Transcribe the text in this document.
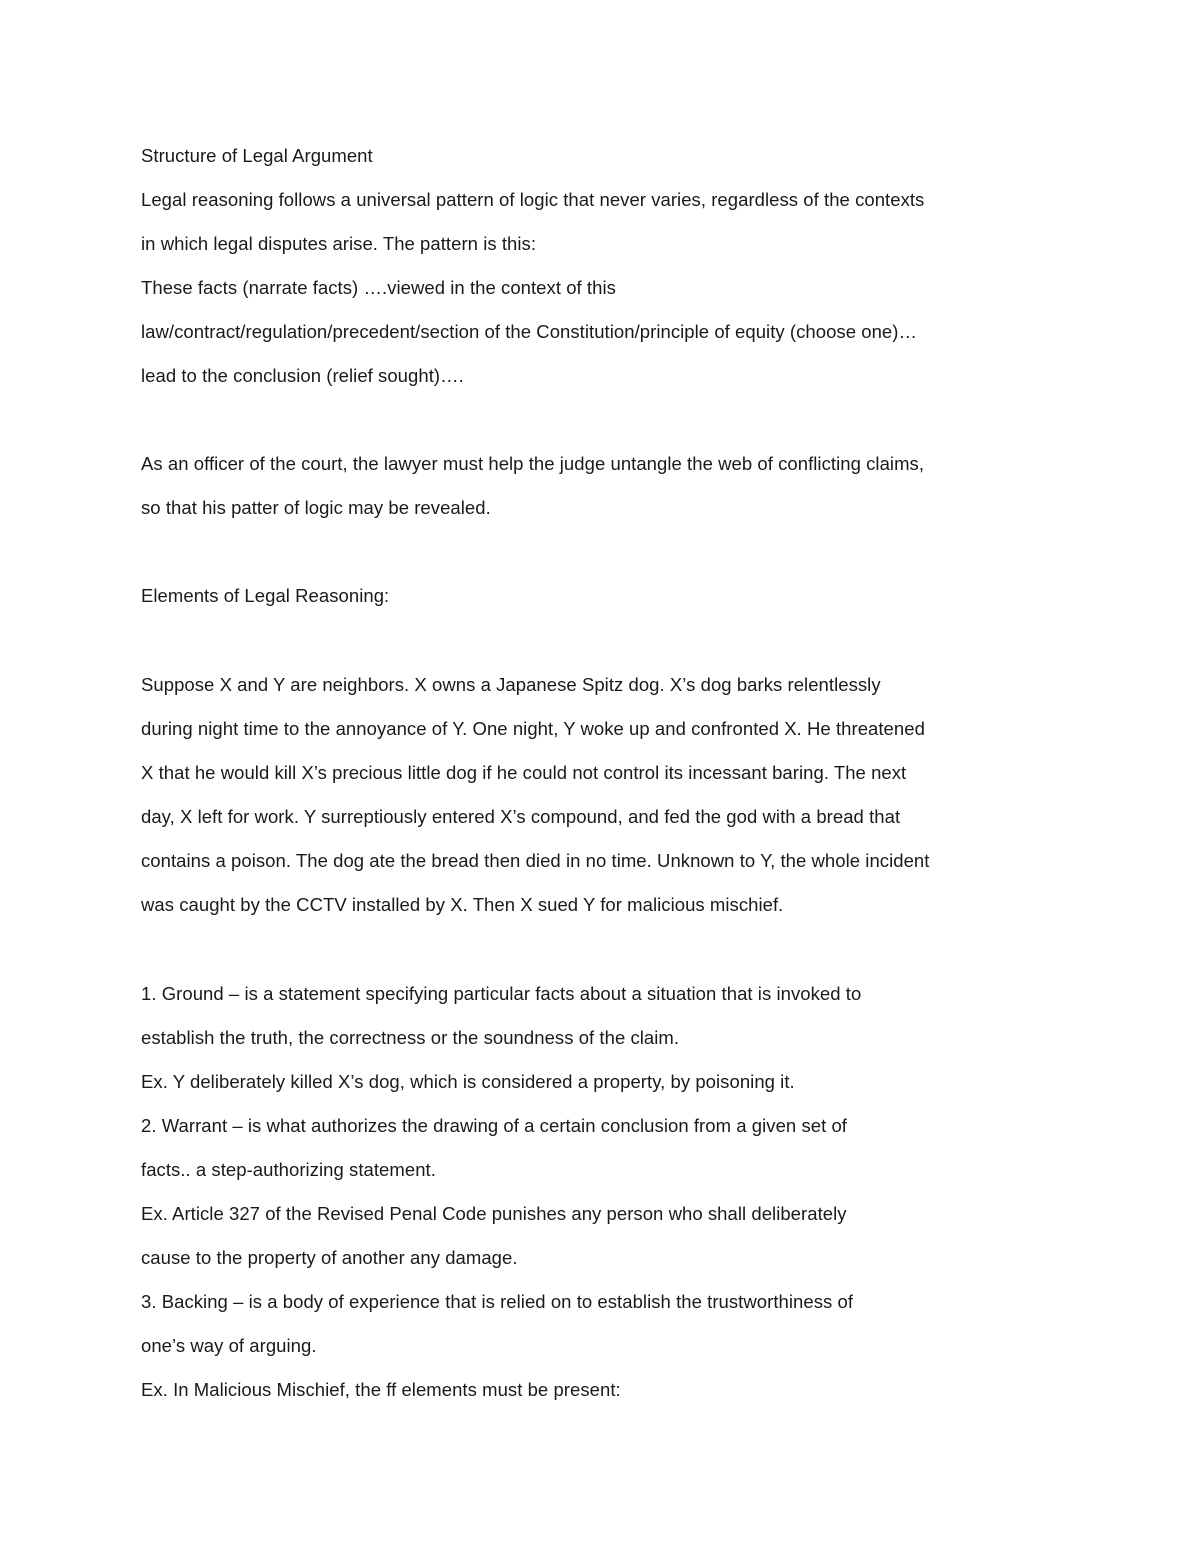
Structure of Legal Argument
Legal reasoning follows a universal pattern of logic that never varies, regardless of the contexts
in which legal disputes arise. The pattern is this:
These facts (narrate facts) ….viewed in the context of this
law/contract/regulation/precedent/section of the Constitution/principle of equity (choose one)…
lead to the conclusion (relief sought)….
As an officer of the court, the lawyer must help the judge untangle the web of conflicting claims,
so that his patter of logic may be revealed.
Elements of Legal Reasoning:
Suppose X and Y are neighbors. X owns a Japanese Spitz dog. X’s dog barks relentlessly
during night time to the annoyance of Y. One night, Y woke up and confronted X. He threatened
X that he would kill X’s precious little dog if he could not control its incessant baring. The next
day, X left for work. Y surreptiously entered X’s compound, and fed the god with a bread that
contains a poison. The dog ate the bread then died in no time. Unknown to Y, the whole incident
was caught by the CCTV installed by X. Then X sued Y for malicious mischief.
1. Ground – is a statement specifying particular facts about a situation that is invoked to
establish the truth, the correctness or the soundness of the claim.
Ex. Y deliberately killed X’s dog, which is considered a property, by poisoning it.
2. Warrant – is what authorizes the drawing of a certain conclusion from a given set of
facts.. a step-authorizing statement.
Ex. Article 327 of the Revised Penal Code punishes any person who shall deliberately
cause to the property of another any damage.
3. Backing – is a body of experience that is relied on to establish the trustworthiness of
one’s way of arguing.
Ex. In Malicious Mischief, the ff elements must be present:
